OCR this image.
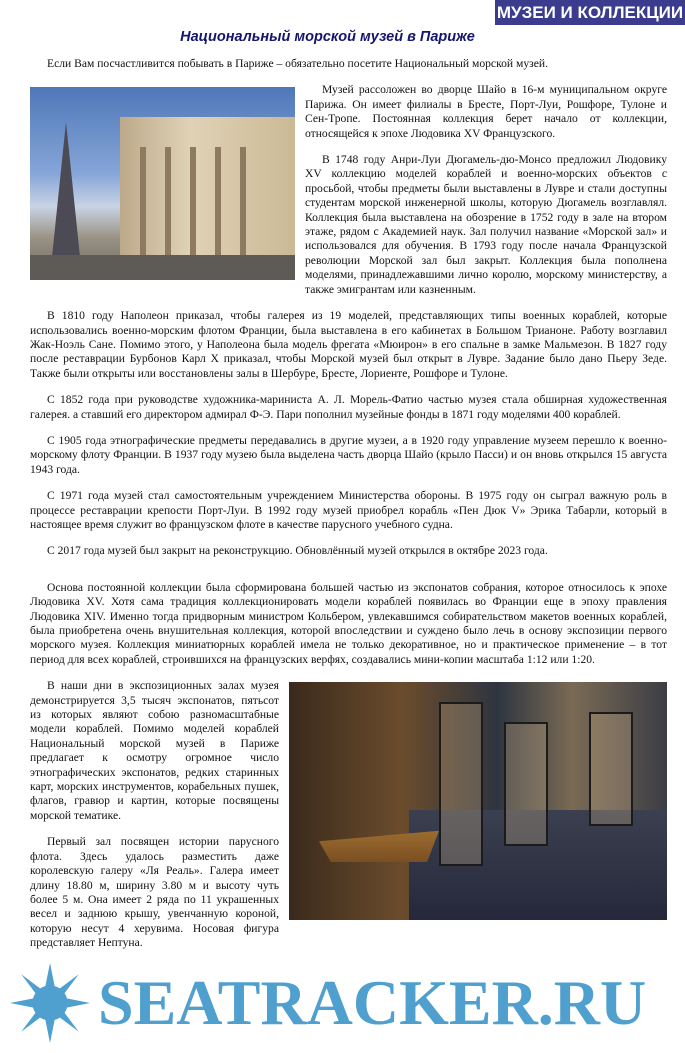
МУЗЕИ И КОЛЛЕКЦИИ
Национальный морской музей в Париже

Если Вам посчастливится побывать в Париже – обязательно посетите Национальный морской музей.

Музей рассоложен во дворце Шайо в 16-м муниципальном округе Парижа. Он имеет филиалы в Бресте, Порт-Луи, Рошфоре, Тулоне и Сен-Тропе. Постоянная коллекция берет начало от коллекции, относящейся к эпохе Людовика XV Французского.

В 1748 году Анри-Луи Дюгамель-дю-Монсо предложил Людовику XV коллекцию моделей кораблей и военно-морских объектов с просьбой, чтобы предметы были выставлены в Лувре и стали доступны студентам морской инженерной школы, которую Дюгамель возглавлял. Коллекция была выставлена на обозрение в 1752 году в зале на втором этаже, рядом с Академией наук. Зал получил название «Морской зал» и использовался для обучения. В 1793 году после начала Французской революции Морской зал был закрыт. Коллекция была пополнена моделями, принадлежавшими лично королю, морскому министерству, а также эмигрантам или казненным.

В 1810 году Наполеон приказал, чтобы галерея из 19 моделей, представляющих типы военных кораблей, которые использовались военно-морским флотом Франции, была выставлена в его кабинетах в Большом Трианоне. Работу возглавил Жак-Ноэль Сане. Помимо этого, у Наполеона была модель фрегата «Мюирон» в его спальне в замке Мальмезон. В 1827 году после реставрации Бурбонов Карл X приказал, чтобы Морской музей был открыт в Лувре. Задание было дано Пьеру Зеде. Также были открыты или восстановлены залы в Шербуре, Бресте, Лориенте, Рошфоре и Тулоне.

С 1852 года при руководстве художника-мариниста А. Л. Морель-Фатио частью музея стала обширная художественная галерея. а ставший его директором адмирал Ф-Э. Пари пополнил музейные фонды в 1871 году моделями 400 кораблей.

С 1905 года этнографические предметы передавались в другие музеи, а в 1920 году управление музеем перешло к военно-морскому флоту Франции. В 1937 году музею была выделена часть дворца Шайо (крыло Пасси) и он вновь открылся 15 августа 1943 года.

С 1971 года музей стал самостоятельным учреждением Министерства обороны. В 1975 году он сыграл важную роль в процессе реставрации крепости Порт-Луи. В 1992 году музей приобрел корабль «Пен Дюк V» Эрика Табарли, который в настоящее время служит во французском флоте в качестве парусного учебного судна.

С 2017 года музей был закрыт на реконструкцию. Обновлённый музей открылся в октябре 2023 года.

Основа постоянной коллекции была сформирована большей частью из экспонатов собрания, которое относилось к эпохе Людовика XV. Хотя сама традиция коллекционировать модели кораблей появилась во Франции еще в эпоху правления Людовика XIV. Именно тогда придворным министром Кольбером, увлекавшимся собирательством макетов военных кораблей, была приобретена очень внушительная коллекция, которой впоследствии и суждено было лечь в основу экспозиции первого морского музея. Коллекция миниатюрных кораблей имела не только декоративное, но и практическое применение – в тот период для всех кораблей, строившихся на французских верфях, создавались мини-копии масштаба 1:12 или 1:20.

В наши дни в экспозиционных залах музея демонстрируется 3,5 тысяч экспонатов, пятьсот из которых являют собою разномасштабные модели кораблей. Помимо моделей кораблей Национальный морской музей в Париже предлагает к осмотру огромное число этнографических экспонатов, редких старинных карт, морских инструментов, корабельных пушек, флагов, гравюр и картин, которые посвящены морской тематике.

Первый зал посвящен истории парусного флота. Здесь удалось разместить даже королевскую галеру «Ля Реаль». Галера имеет длину 18.80 м, ширину 3.80 м и высоту чуть более 5 м. Она имеет 2 ряда по 11 украшенных весел и заднюю крышу, увенчанную короной, которую несут 4 херувима. Носовая фигура представляет Нептуна.

SEATRACKER.RU
